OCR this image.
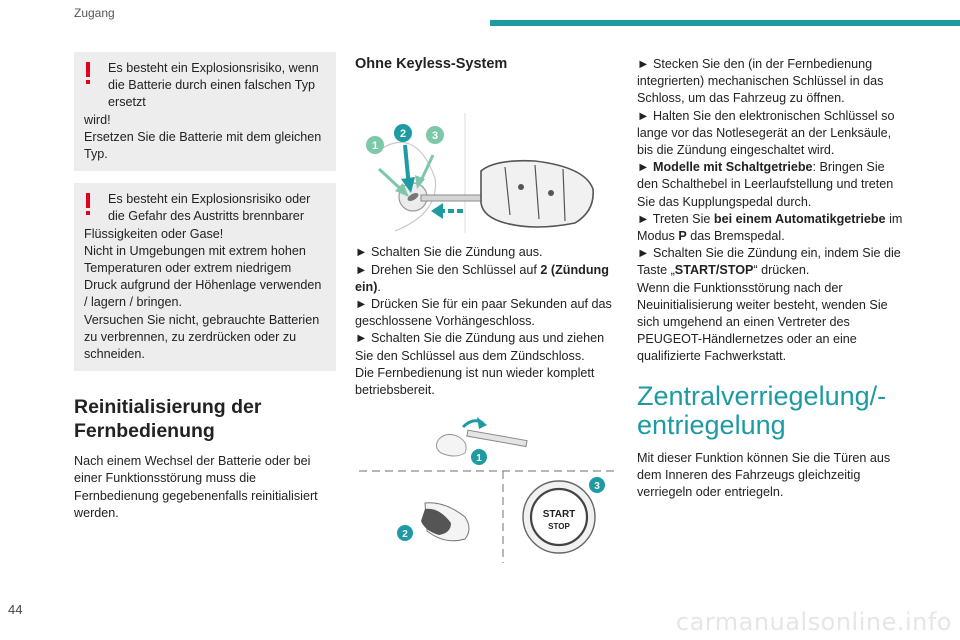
Zugang

Es besteht ein Explosionsrisiko, wenn die Batterie durch einen falschen Typ ersetzt

wird!
Ersetzen Sie die Batterie mit dem gleichen Typ.

Es besteht ein Explosionsrisiko oder die Gefahr des Austritts brennbarer

Flüssigkeiten oder Gase!
Nicht in Umgebungen mit extrem hohen Temperaturen oder extrem niedrigem Druck aufgrund der Höhenlage verwenden / lagern / bringen.
Versuchen Sie nicht, gebrauchte Batterien zu verbrennen, zu zerdrücken oder zu schneiden.

Reinitialisierung der Fernbedienung

Nach einem Wechsel der Batterie oder bei einer Funktionsstörung muss die Fernbedienung gegebenenfalls reinitialisiert werden.

Ohne Keyless-System
1
2 3

► Schalten Sie die Zündung aus.

► Drehen Sie den Schlüssel auf 2 (Zündung ein).

► Drücken Sie für ein paar Sekunden auf das geschlossene Vorhängeschloss.

► Schalten Sie die Zündung aus und ziehen Sie den Schlüssel aus dem Zündschloss.

Die Fernbedienung ist nun wieder komplett betriebsbereit.

1
2
START
STOP
3

► Stecken Sie den (in der Fernbedienung integrierten) mechanischen Schlüssel in das Schloss, um das Fahrzeug zu öffnen.

► Halten Sie den elektronischen Schlüssel so lange vor das Notlesegerät an der Lenksäule, bis die Zündung eingeschaltet wird.

► Modelle mit Schaltgetriebe: Bringen Sie den Schalthebel in Leerlaufstellung und treten Sie das Kupplungspedal durch.

► Treten Sie bei einem Automatikgetriebe im Modus P das Bremspedal.

► Schalten Sie die Zündung ein, indem Sie die Taste „START/STOP“ drücken.

Wenn die Funktionsstörung nach der Neuinitialisierung weiter besteht, wenden Sie sich umgehend an einen Vertreter des PEUGEOT-Händlernetzes oder an eine qualifizierte Fachwerkstatt.

Zentralverriegelung/-entriegelung

Mit dieser Funktion können Sie die Türen aus dem Inneren des Fahrzeugs gleichzeitig verriegeln oder entriegeln.

44	carmanualsonline.info
